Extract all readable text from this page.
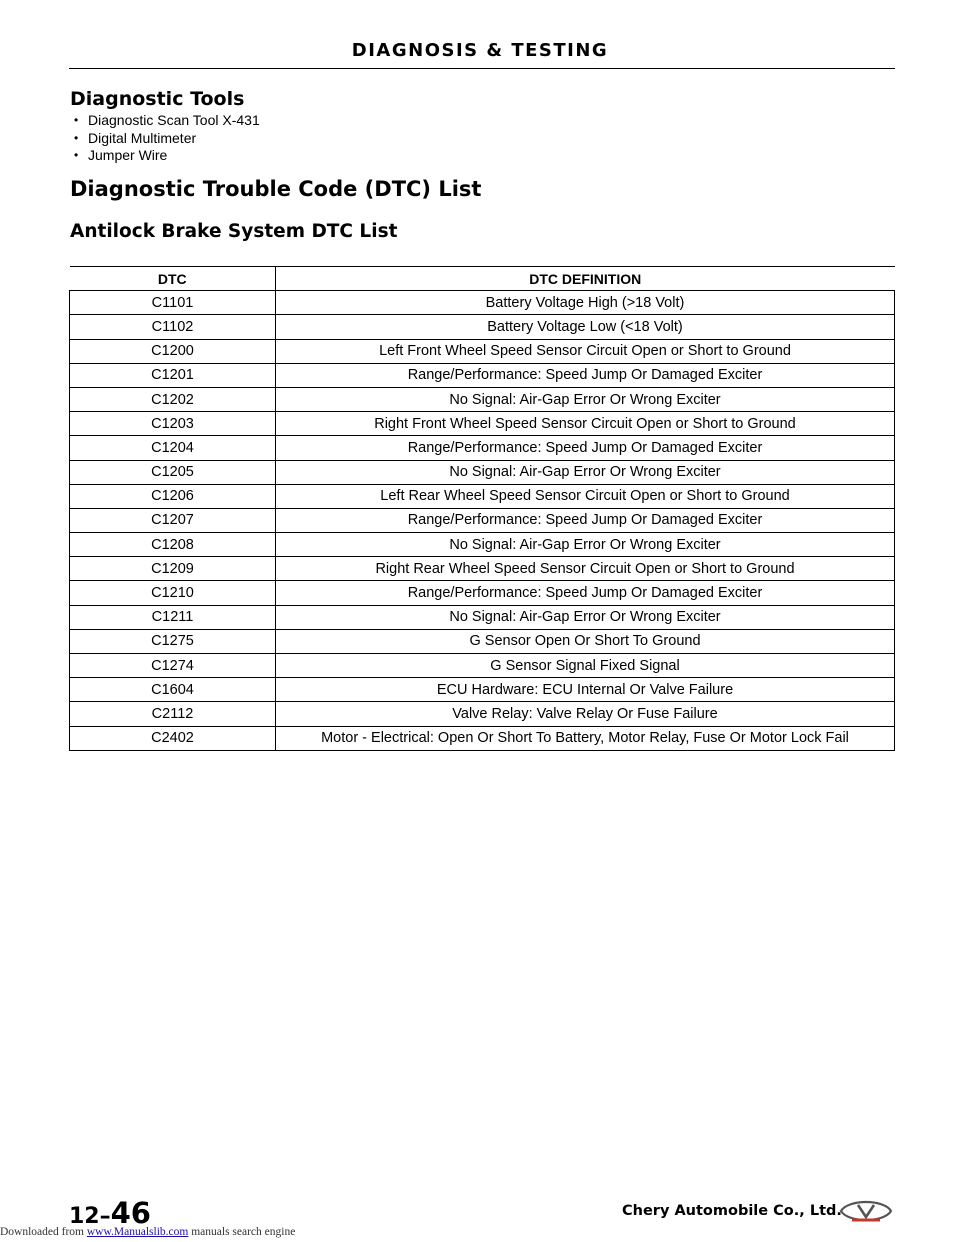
DIAGNOSIS & TESTING
Diagnostic Tools
• Diagnostic Scan Tool X-431
• Digital Multimeter
• Jumper Wire
Diagnostic Trouble Code (DTC) List
Antilock Brake System DTC List
DTC	DTC DEFINITION
C1101	Battery Voltage High (>18 Volt)
C1102	Battery Voltage Low (<18 Volt)
C1200	Left Front Wheel Speed Sensor Circuit Open or Short to Ground
C1201	Range/Performance: Speed Jump Or Damaged Exciter
C1202	No Signal: Air-Gap Error Or Wrong Exciter
C1203	Right Front Wheel Speed Sensor Circuit Open or Short to Ground
C1204	Range/Performance: Speed Jump Or Damaged Exciter
C1205	No Signal: Air-Gap Error Or Wrong Exciter
C1206	Left Rear Wheel Speed Sensor Circuit Open or Short to Ground
C1207	Range/Performance: Speed Jump Or Damaged Exciter
C1208	No Signal: Air-Gap Error Or Wrong Exciter
C1209	Right Rear Wheel Speed Sensor Circuit Open or Short to Ground
C1210	Range/Performance: Speed Jump Or Damaged Exciter
C1211	No Signal: Air-Gap Error Or Wrong Exciter
C1275	G Sensor Open Or Short To Ground
C1274	G Sensor Signal Fixed Signal
C1604	ECU Hardware: ECU Internal Or Valve Failure
C2112	Valve Relay: Valve Relay Or Fuse Failure
C2402	Motor - Electrical: Open Or Short To Battery, Motor Relay, Fuse Or Motor Lock Fail
12–46	Chery Automobile Co., Ltd.
Downloaded from www.Manualslib.com manuals search engine
